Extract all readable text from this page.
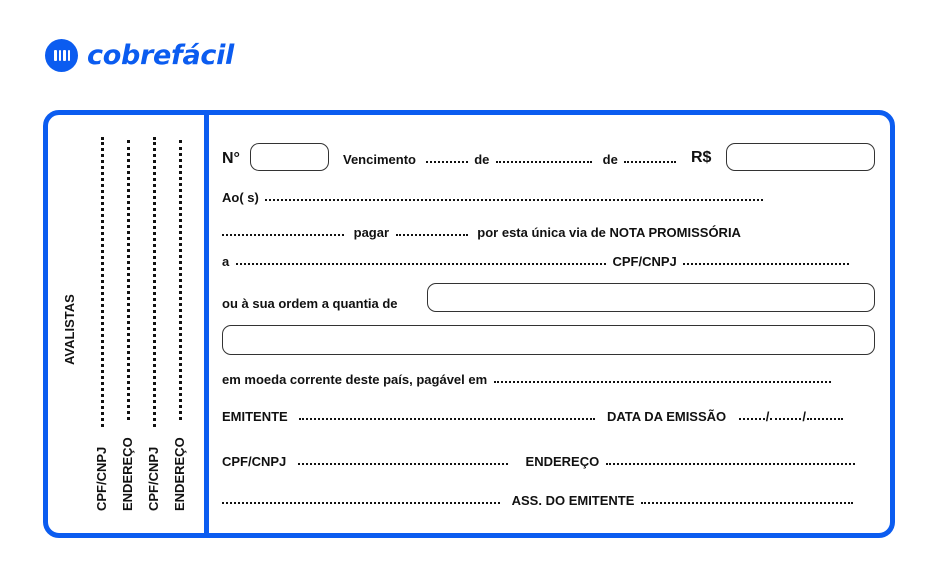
cobrefácil
AVALISTAS
CPF/CNPJ ENDEREÇO CPF/CNPJ ENDEREÇO
N°	Vencimento	de	de	R$
Ao( s)
pagar	por esta única via de NOTA PROMISSÓRIA
a	CPF/CNPJ
ou à sua ordem a quantia de
em moeda corrente deste país, pagável em
EMITENTE	DATA DA EMISSÃO	/	/
CPF/CNPJ	ENDEREÇO
ASS. DO EMITENTE
